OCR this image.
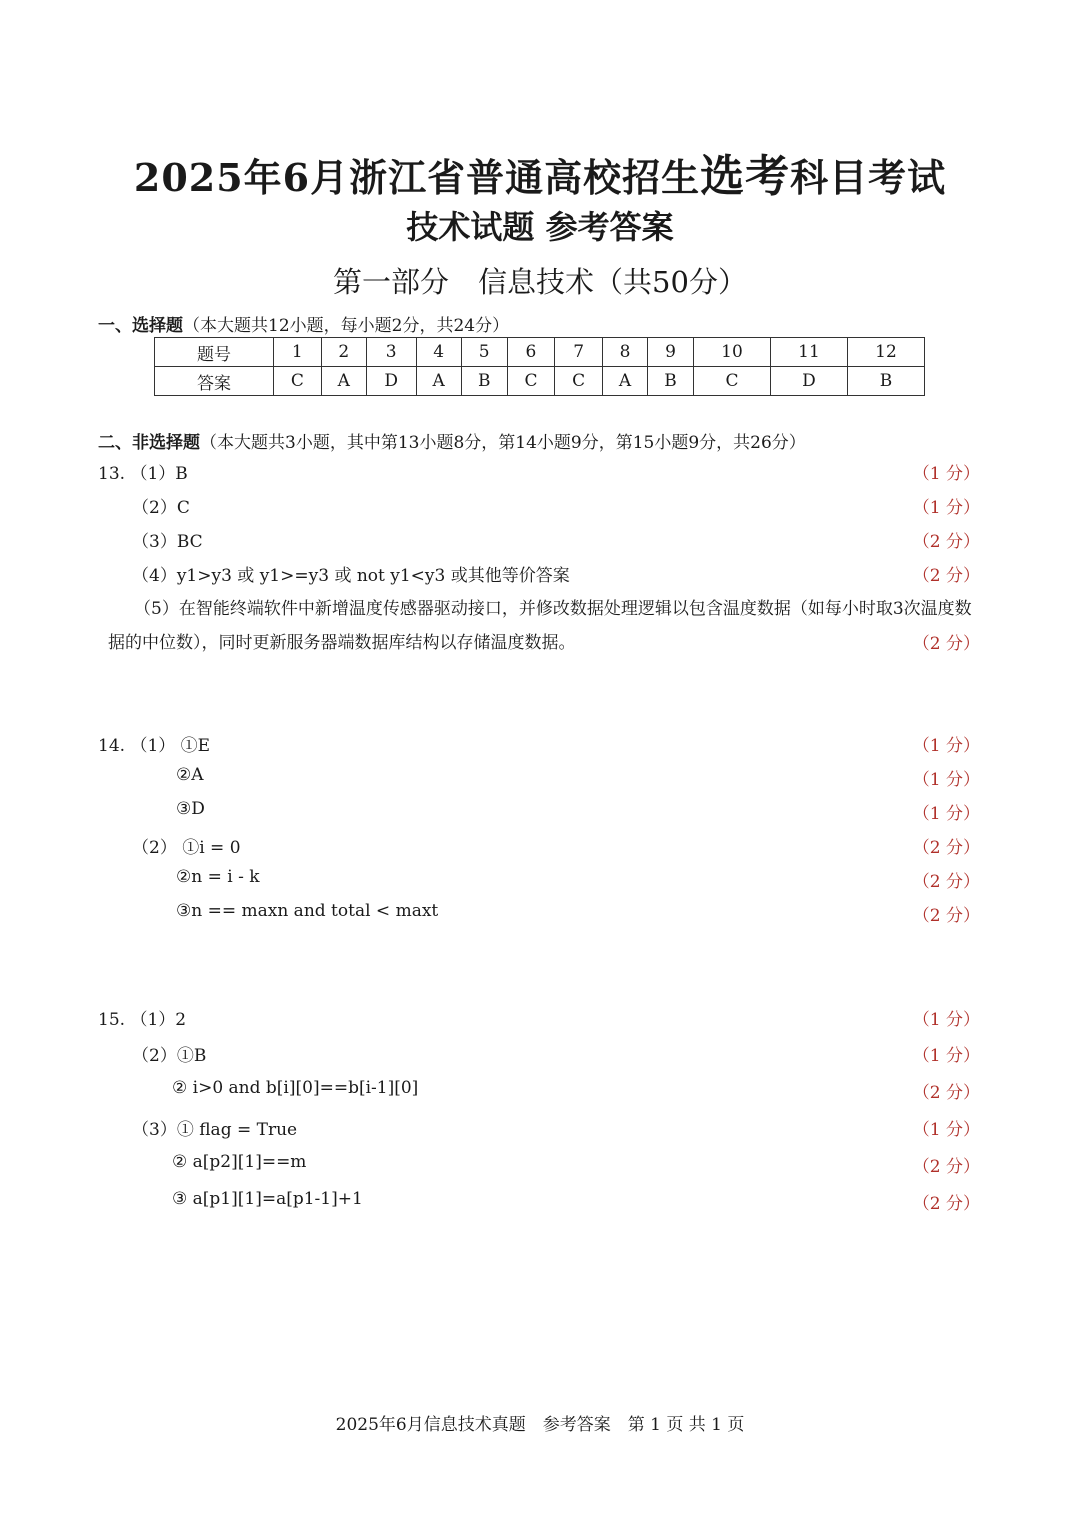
2025年6月浙江省普通高校招生选考科目考试
技术试题 参考答案
第一部分　信息技术（共50分）
一、选择题（本大题共12小题，每小题2分，共24分）
题号	1	2	3	4	5	6	7	8	9	10	11	12
答案	C	A	D	A	B	C	C	A	B	C	D	B
二、非选择题（本大题共3小题，其中第13小题8分，第14小题9分，第15小题9分，共26分）
13. （1）B	（1 分）
（2）C	（1 分）
（3）BC	（2 分）
（4）y1>y3 或 y1>=y3 或 not y1<y3 或其他等价答案	（2 分）
（5）在智能终端软件中新增温度传感器驱动接口，并修改数据处理逻辑以包含温度数据（如每小时取3次温度数据的中位数），同时更新服务器端数据库结构以存储温度数据。	（2 分）
14. （1） ①E	（1 分）
②A	（1 分）
③D	（1 分）
（2） ①i = 0	（2 分）
②n = i - k	（2 分）
③n == maxn and total < maxt	（2 分）
15. （1）2	（1 分）
（2）①B	（1 分）
② i>0 and b[i][0]==b[i-1][0]	（2 分）
（3）① flag = True	（1 分）
② a[p2][1]==m	（2 分）
③ a[p1][1]=a[p1-1]+1	（2 分）
2025年6月信息技术真题　参考答案　第 1 页 共 1 页
